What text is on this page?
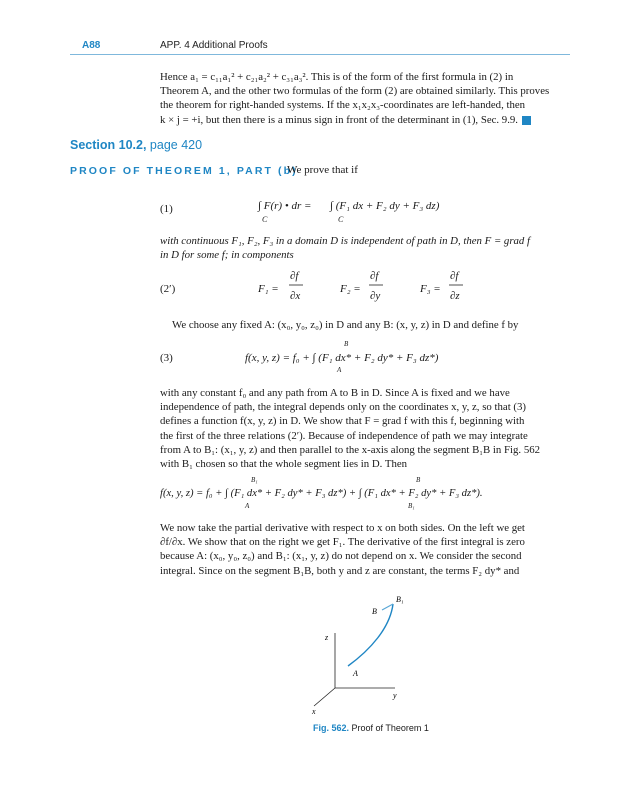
A88	APP. 4 Additional Proofs
Hence a₁ = c₁₁a₁² + c₂₁a₂² + c₃₁a₃². This is of the form of the first formula in (2) in
Theorem A, and the other two formulas of the form (2) are obtained similarly. This proves
the theorem for right-handed systems. If the x₁x₂x₃-coordinates are left-handed, then
k × j = +i, but then there is a minus sign in front of the determinant in (1), Sec. 9.9.
Section 10.2, page 420
PROOF OF THEOREM 1, PART (b)
We prove that if
(1)	∫ F(r) • dr = ∫ (F₁ dx + F₂ dy + F₃ dz)
C	C
with continuous F₁, F₂, F₃ in a domain D is independent of path in D, then F = grad f
in D for some f; in components
(2′)	F₁ =
∂f
∂x
F₂ =
∂f
∂y
F₃ =
∂f
∂z
We choose any fixed A: (x₀, y₀, z₀) in D and any B: (x, y, z) in D and define f by
(3)	f(x, y, z) = f₀ + ∫ (F₁ dx* + F₂ dy* + F₃ dz*)
B
A
with any constant f₀ and any path from A to B in D. Since A is fixed and we have
independence of path, the integral depends only on the coordinates x, y, z, so that (3)
defines a function f(x, y, z) in D. We show that F = grad f with this f, beginning with
the first of the three relations (2′). Because of independence of path we may integrate
from A to B₁: (x₁, y, z) and then parallel to the x-axis along the segment B₁B in Fig. 562
with B₁ chosen so that the whole segment lies in D. Then
f(x, y, z) = f₀ + ∫ (F₁ dx* + F₂ dy* + F₃ dz*) + ∫ (F₁ dx* + F₂ dy* + F₃ dz*).
B₁
A
B
B₁
We now take the partial derivative with respect to x on both sides. On the left we get
∂f/∂x. We show that on the right we get F₁. The derivative of the first integral is zero
because A: (x₀, y₀, z₀) and B₁: (x₁, y, z) do not depend on x. We consider the second
integral. Since on the segment B₁B, both y and z are constant, the terms F₂ dy* and
B₁
B
A
z
y
x
Fig. 562. Proof of Theorem 1
